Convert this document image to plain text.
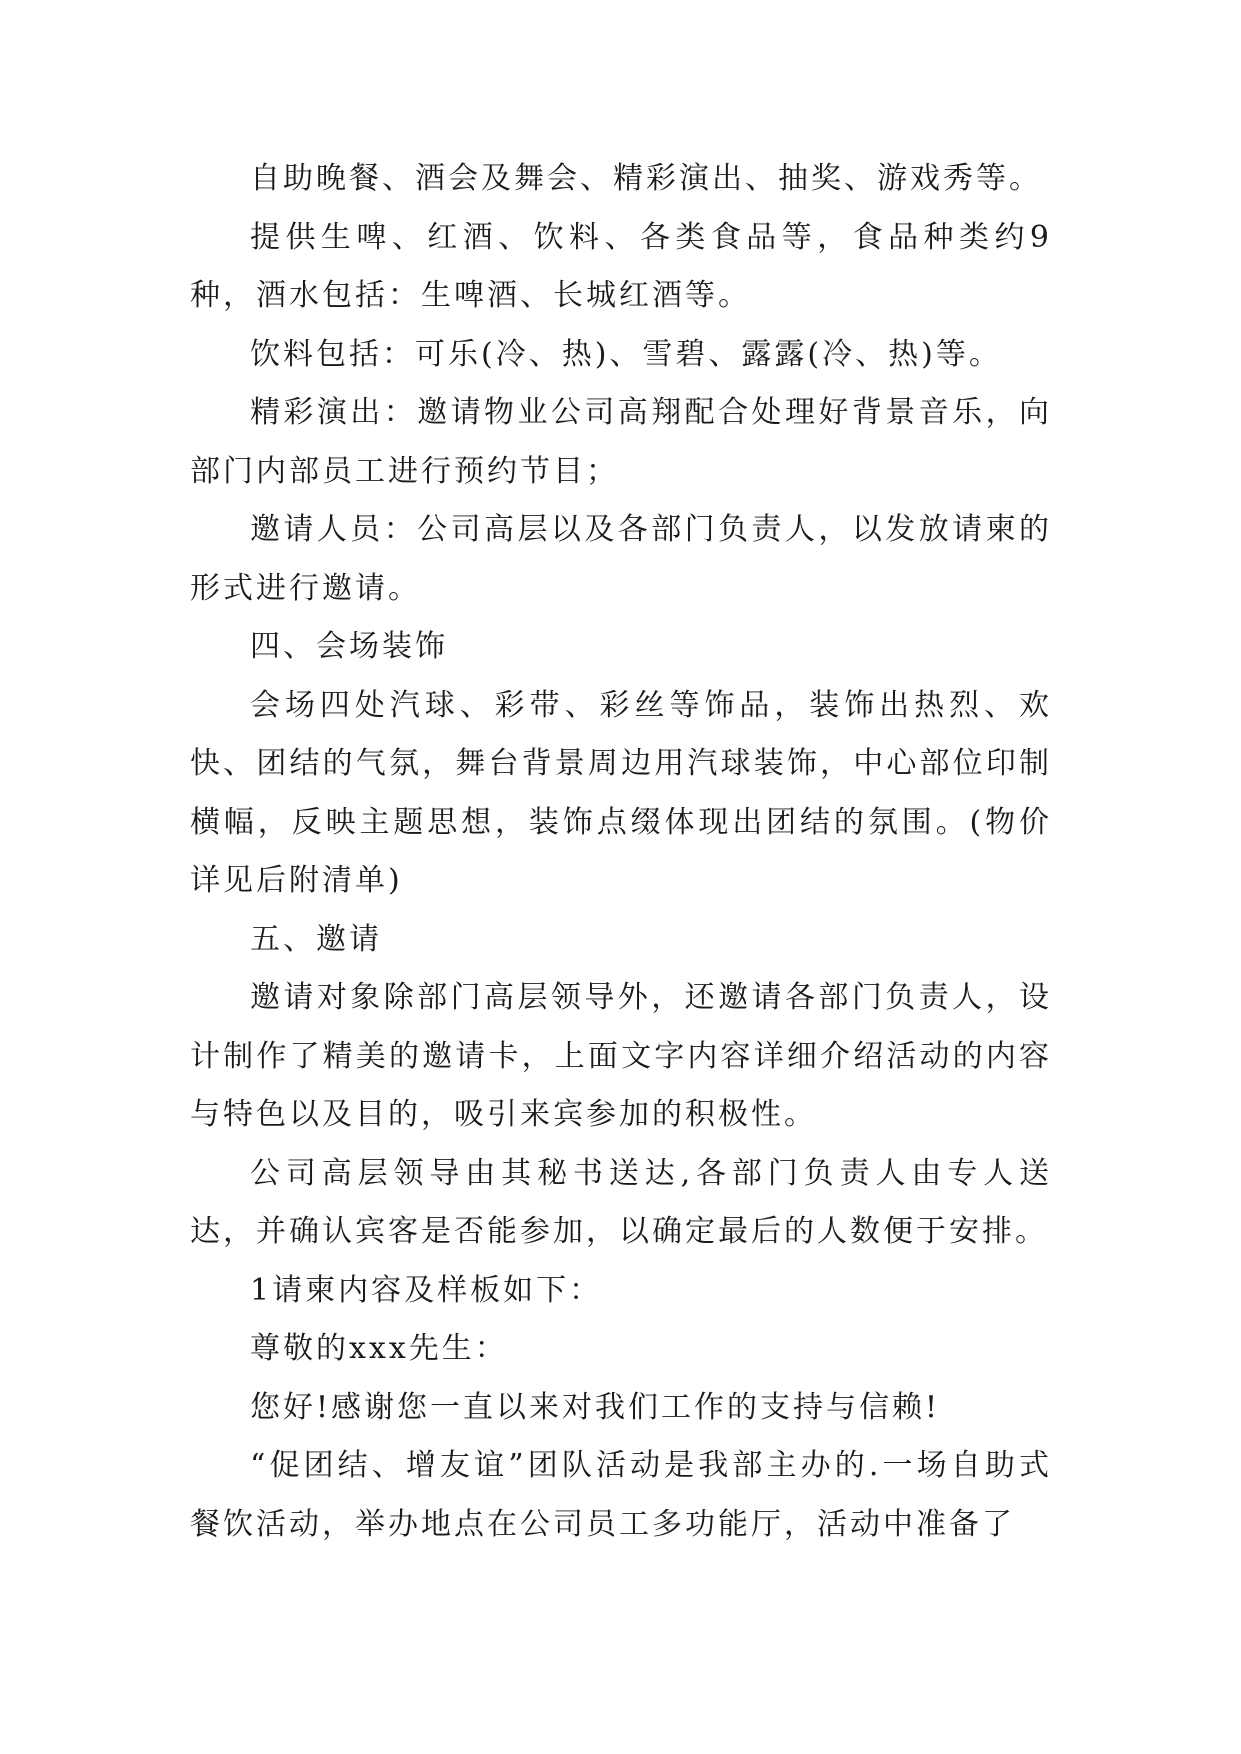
自助晚餐、酒会及舞会、精彩演出、抽奖、游戏秀等。

提供生啤、红酒、饮料、各类食品等，食品种类约9种，酒水包括：生啤酒、长城红酒等。

饮料包括：可乐(冷、热)、雪碧、露露(冷、热)等。

精彩演出：邀请物业公司高翔配合处理好背景音乐，向部门内部员工进行预约节目；

邀请人员：公司高层以及各部门负责人，以发放请柬的形式进行邀请。

四、会场装饰

会场四处汽球、彩带、彩丝等饰品，装饰出热烈、欢快、团结的气氛，舞台背景周边用汽球装饰，中心部位印制横幅，反映主题思想，装饰点缀体现出团结的氛围。(物价详见后附清单)

五、邀请

邀请对象除部门高层领导外，还邀请各部门负责人，设计制作了精美的邀请卡，上面文字内容详细介绍活动的内容与特色以及目的，吸引来宾参加的积极性。

公司高层领导由其秘书送达,各部门负责人由专人送达，并确认宾客是否能参加，以确定最后的人数便于安排。

1请柬内容及样板如下：

尊敬的xxx先生：

您好!感谢您一直以来对我们工作的支持与信赖!

“促团结、增友谊”团队活动是我部主办的.一场自助式餐饮活动，举办地点在公司员工多功能厅，活动中准备了
